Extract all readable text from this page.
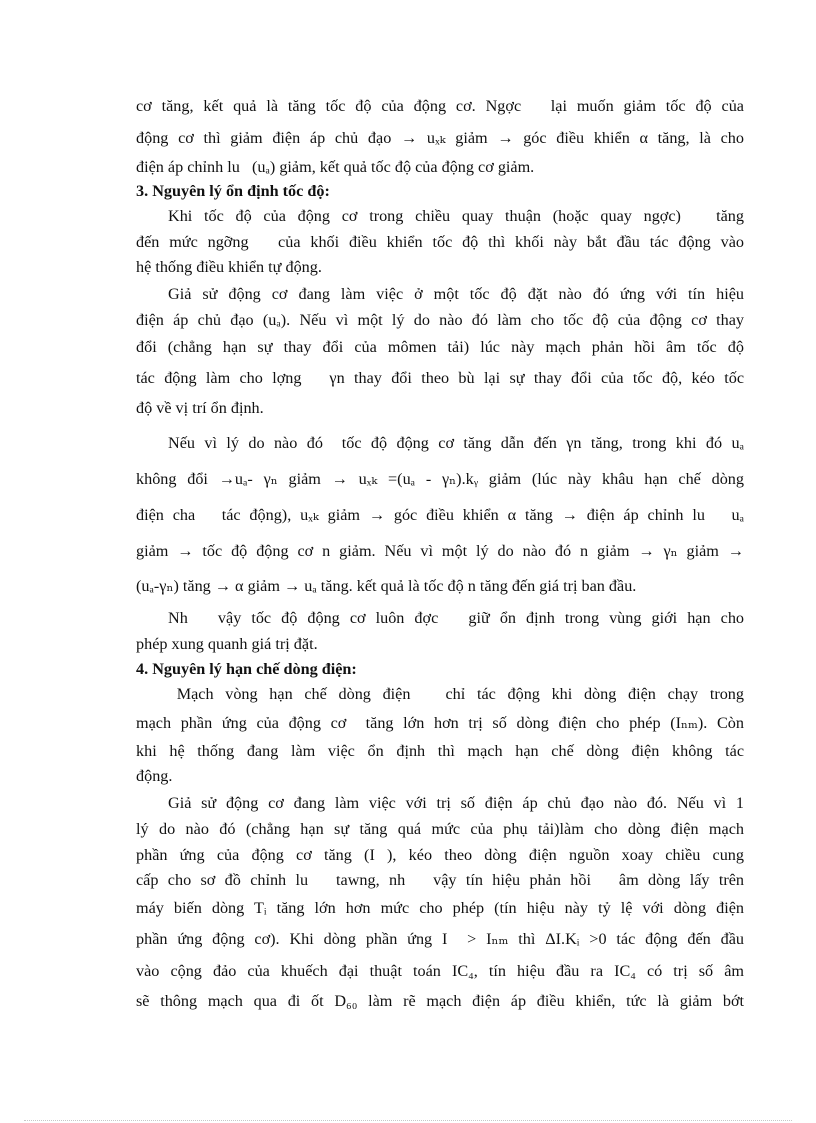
cơ tăng, kết quả là tăng tốc độ của động cơ. Ngợc   lại muốn giảm tốc độ của
động cơ thì giảm điện áp chủ đạo → uₓₖ giảm → góc điều khiển α tăng, là cho
điện áp chỉnh lu   (uₐ) giảm, kết quả tốc độ của động cơ giảm.
3. Nguyên lý ổn định tốc độ:
Khi tốc độ của động cơ trong chiều quay thuận (hoặc quay ngợc)   tăng
đến mức ngỡng   của khối điều khiển tốc độ thì khối này bắt đầu tác động vào
hệ thống điều khiển tự động.
Giả sử động cơ đang làm việc ở một tốc độ đặt nào đó ứng với tín hiệu
điện áp chủ đạo (uₐ). Nếu vì một lý do nào đó làm cho tốc độ của động cơ thay
đổi (chẳng hạn sự thay đổi của mômen tải) lúc này mạch phản hồi âm tốc độ
tác động làm cho lợng   γn thay đổi theo bù lại sự thay đổi của tốc độ, kéo tốc
độ về vị trí ổn định.
Nếu vì lý do nào đó  tốc độ động cơ tăng dẫn đến γn tăng, trong khi đó uₐ
không đổi →uₐ- γₙ giảm → uₓₖ =(uₐ - γₙ).kᵧ giảm (lúc này khâu hạn chế dòng
điện cha   tác động), uₓₖ giảm → góc điều khiển α tăng → điện áp chỉnh lu   uₐ
giảm → tốc độ động cơ n giảm. Nếu vì một lý do nào đó n giảm → γₙ giảm →
(uₐ-γₙ) tăng → α giảm → uₐ tăng. kết quả là tốc độ n tăng đến giá trị ban đầu.
Nh   vậy tốc độ động cơ luôn đợc   giữ ổn định trong vùng giới hạn cho
phép xung quanh giá trị đặt.
4. Nguyên lý hạn chế dòng điện:
Mạch vòng hạn chế dòng điện   chỉ tác động khi dòng điện chạy trong
mạch phần ứng của động cơ  tăng lớn hơn trị số dòng điện cho phép (Iₙₘ). Còn
khi hệ thống đang làm việc ổn định thì mạch hạn chế dòng điện không tác
động.
Giả sử động cơ đang làm việc với trị số điện áp chủ đạo nào đó. Nếu vì 1
lý do nào đó (chẳng hạn sự tăng quá mức của phụ tải)làm cho dòng điện mạch
phần ứng của động cơ tăng (I ), kéo theo dòng điện nguồn xoay chiều cung
cấp cho sơ đồ chỉnh lu   tawng, nh   vậy tín hiệu phản hồi   âm dòng lấy trên
máy biến dòng Tᵢ tăng lớn hơn mức cho phép (tín hiệu này tỷ lệ với dòng điện
phần ứng động cơ). Khi dòng phần ứng I  > Iₙₘ thì ΔI.Kᵢ >0 tác động đến đầu
vào cộng đảo của khuếch đại thuật toán IC₄, tín hiệu đầu ra IC₄ có trị số âm
sẽ thông mạch qua đi ốt D₆₀ làm rẽ mạch điện áp điều khiển, tức là giảm bớt
